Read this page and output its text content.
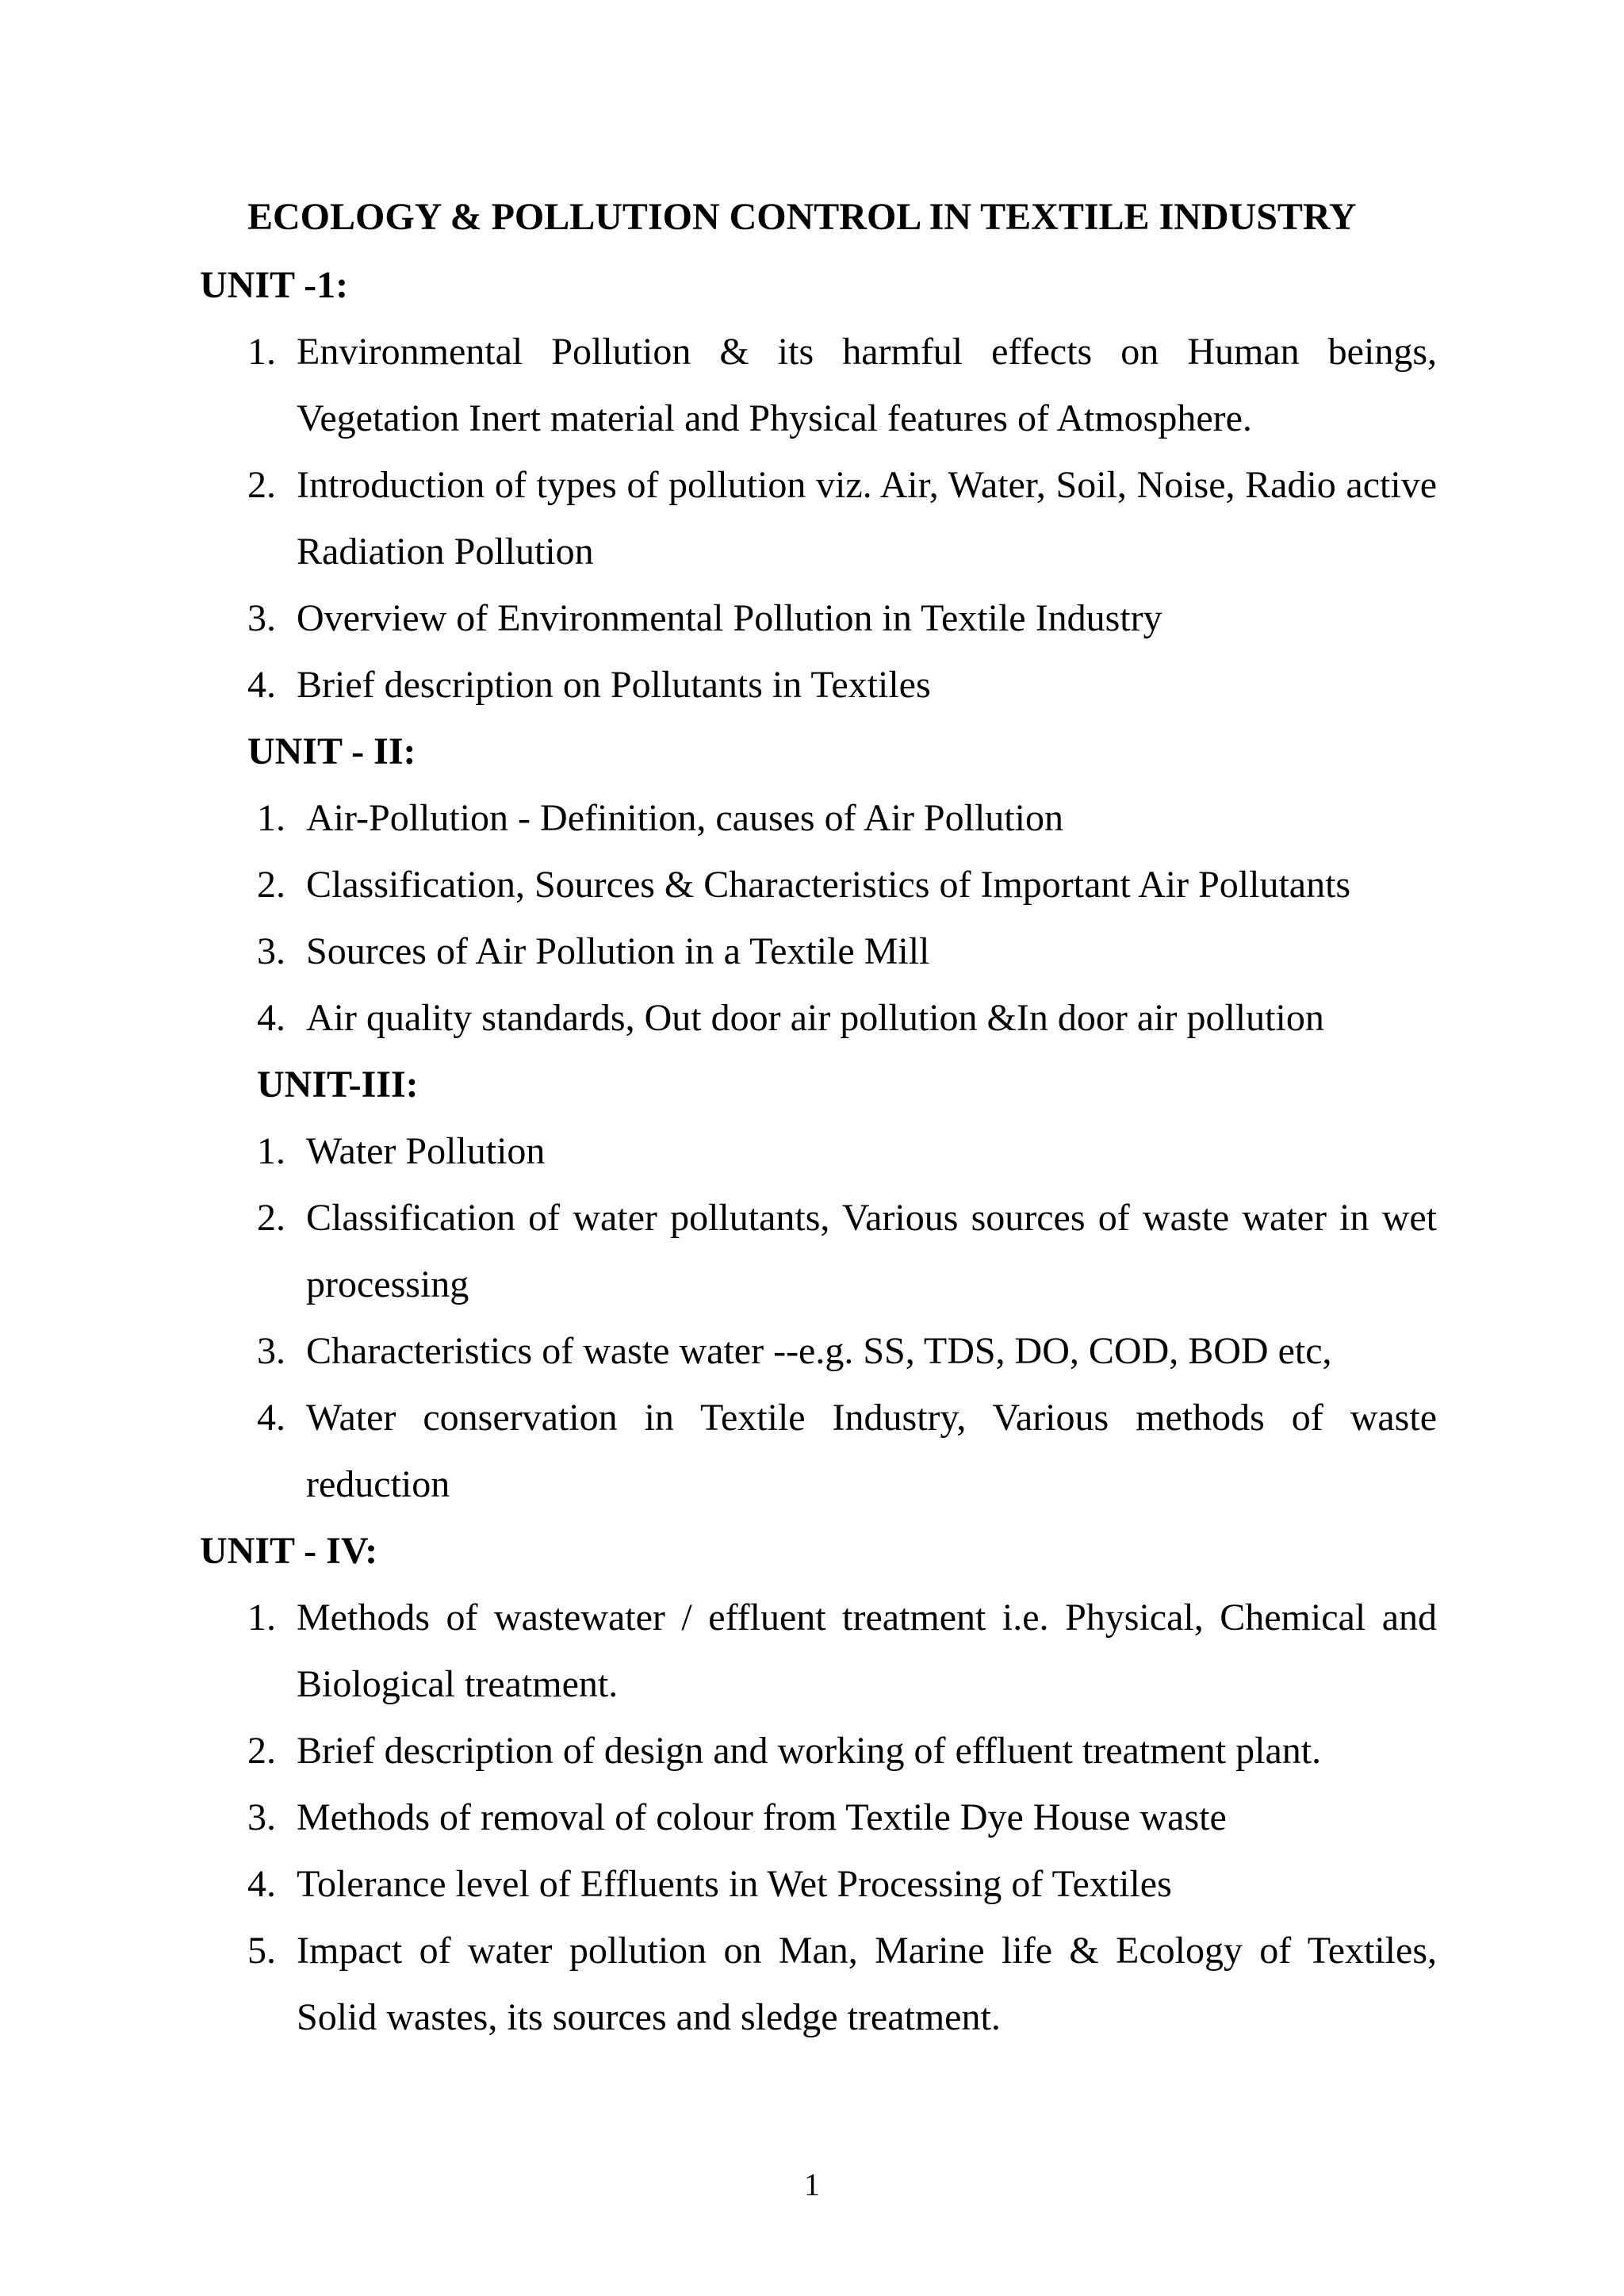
ECOLOGY & POLLUTION CONTROL IN TEXTILE INDUSTRY
UNIT -1:
1. Environmental Pollution & its harmful effects on Human beings, Vegetation Inert material and Physical features of Atmosphere.
2. Introduction of types of pollution viz. Air, Water, Soil, Noise, Radio active Radiation Pollution
3. Overview of Environmental Pollution in Textile Industry
4. Brief description on Pollutants in Textiles
UNIT - II:
1. Air-Pollution - Definition, causes of Air Pollution
2. Classification, Sources & Characteristics of Important Air Pollutants
3. Sources of Air Pollution in a Textile Mill
4. Air quality standards, Out door air pollution &In door air pollution
UNIT-III:
1. Water Pollution
2. Classification of water pollutants, Various sources of waste water in wet processing
3. Characteristics of waste water --e.g. SS, TDS, DO, COD, BOD etc,
4. Water conservation in Textile Industry, Various methods of waste reduction
UNIT - IV:
1. Methods of wastewater / effluent treatment i.e. Physical, Chemical and Biological treatment.
2. Brief description of design and working of effluent treatment plant.
3. Methods of removal of colour from Textile Dye House waste
4. Tolerance level of Effluents in Wet Processing of Textiles
5. Impact of water pollution on Man, Marine life & Ecology of Textiles, Solid wastes, its sources and sledge treatment.
1
